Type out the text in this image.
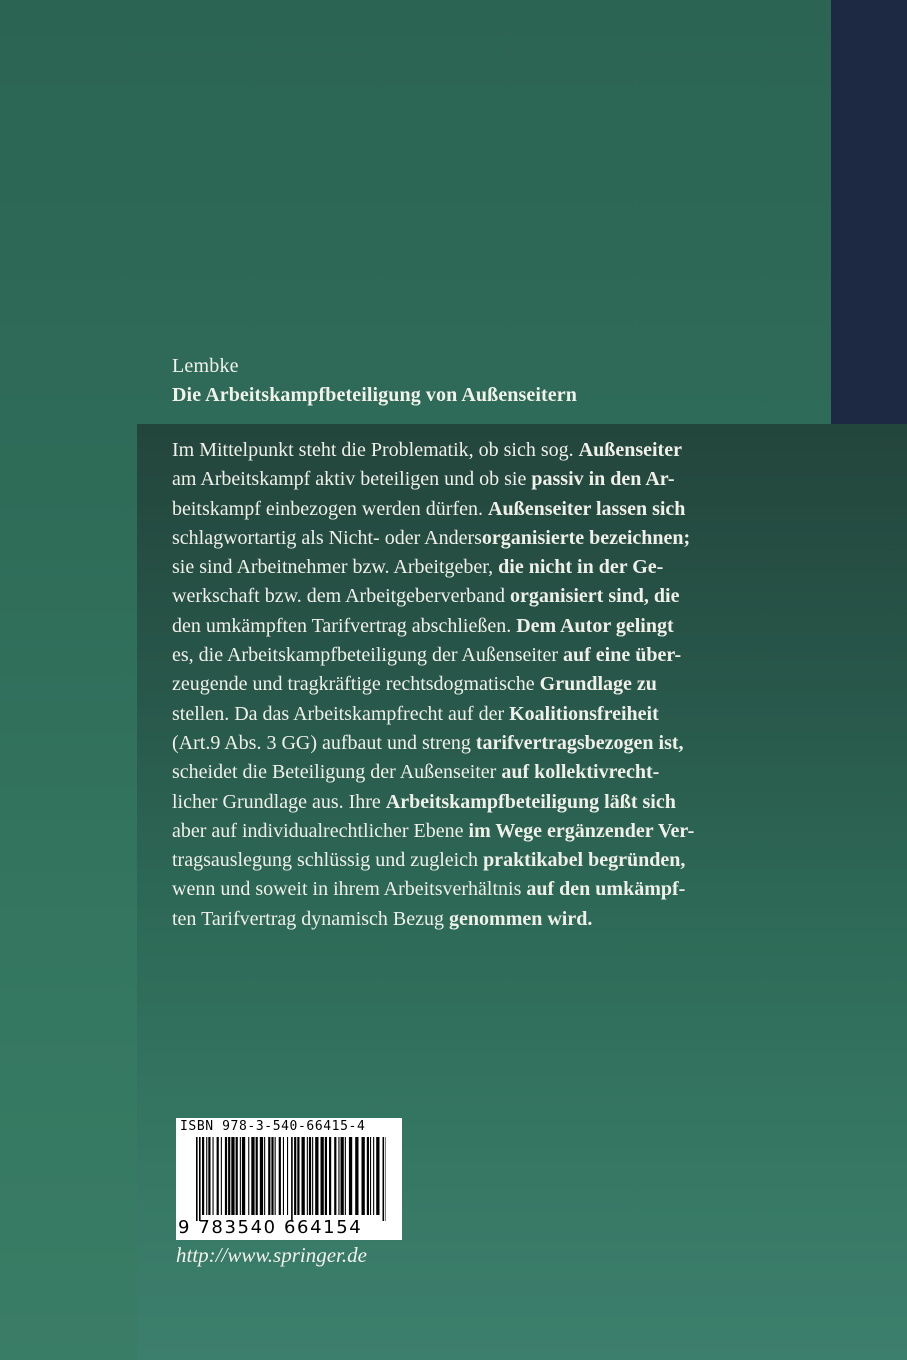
Lembke
Die Arbeitskampfbeteiligung von Außenseitern
Im Mittelpunkt steht die Problematik, ob sich sog. Außenseiter
am Arbeitskampf aktiv beteiligen und ob sie passiv in den Ar-
beitskampf einbezogen werden dürfen. Außenseiter lassen sich
schlagwortartig als Nicht- oder Andersorganisierte bezeichnen;
sie sind Arbeitnehmer bzw. Arbeitgeber, die nicht in der Ge-
werkschaft bzw. dem Arbeitgeberverband organisiert sind, die
den umkämpften Tarifvertrag abschließen. Dem Autor gelingt
es, die Arbeitskampfbeteiligung der Außenseiter auf eine über-
zeugende und tragkräftige rechtsdogmatische Grundlage zu
stellen. Da das Arbeitskampfrecht auf der Koalitionsfreiheit
(Art.9 Abs. 3 GG) aufbaut und streng tarifvertragsbezogen ist,
scheidet die Beteiligung der Außenseiter auf kollektivrecht-
licher Grundlage aus. Ihre Arbeitskampfbeteiligung läßt sich
aber auf individualrechtlicher Ebene im Wege ergänzender Ver-
tragsauslegung schlüssig und zugleich praktikabel begründen,
wenn und soweit in ihrem Arbeitsverhältnis auf den umkämpf-
ten Tarifvertrag dynamisch Bezug genommen wird.
ISBN 978-3-540-66415-4
9 783540 664154
http://www.springer.de
